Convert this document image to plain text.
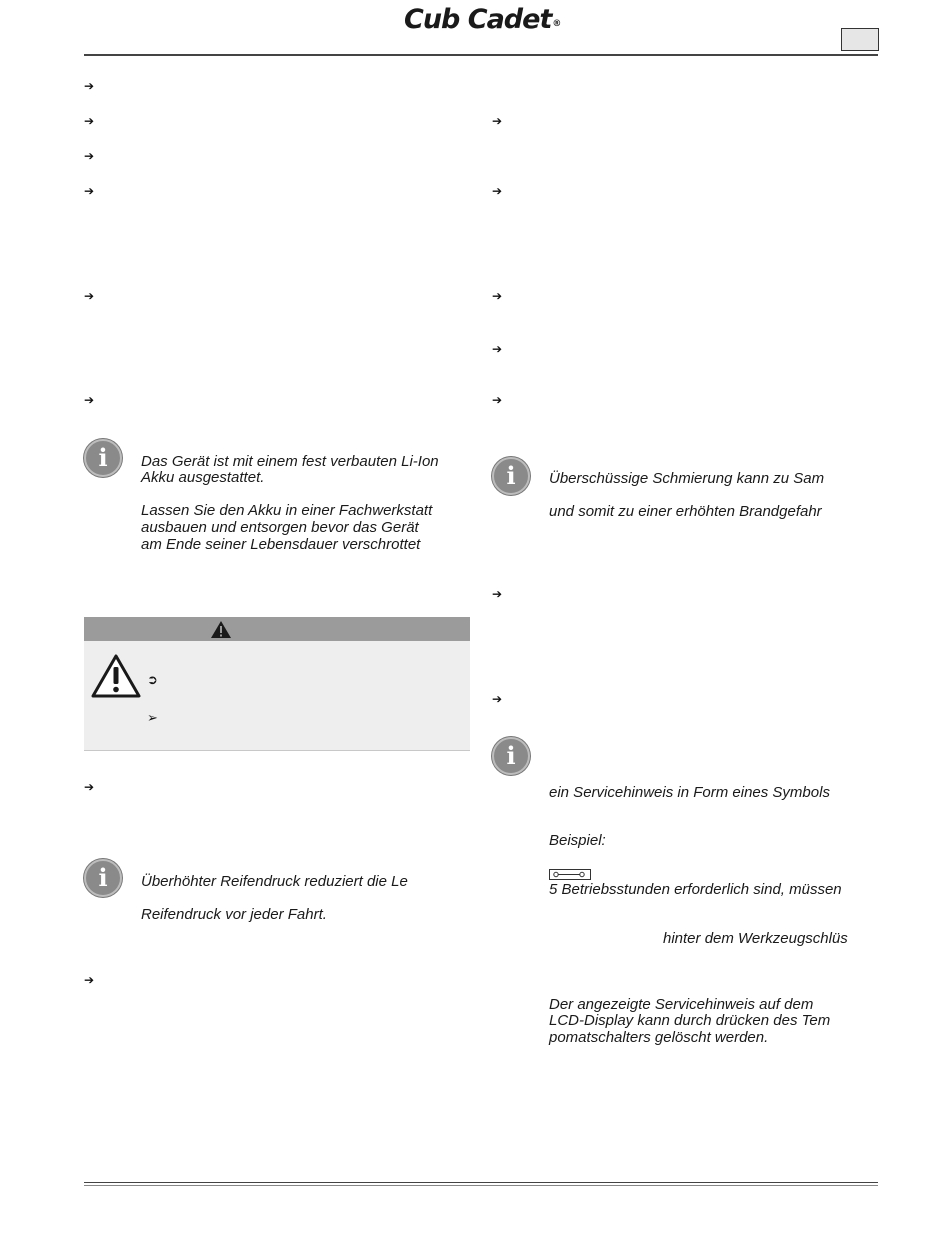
Cub Cadet®
➔
➔
➔
➔
➔
➔
i	Das Gerät ist mit einem fest verbauten Li-Ion
Akku ausgestattet.
Lassen Sie den Akku in einer Fachwerkstatt
ausbauen und entsorgen bevor das Gerät
am Ende seiner Lebensdauer verschrottet
➲
➢
➔
i	Überhöhter Reifendruck reduziert die Le
Reifendruck vor jeder Fahrt.
➔
➔
➔
➔
➔
➔
i	Überschüssige Schmierung kann zu Sam
und somit zu einer erhöhten Brandgefahr
➔
➔
i
ein Servicehinweis in Form eines Symbols
Beispiel:
5 Betriebsstunden erforderlich sind, müssen
hinter dem Werkzeugschlüs
Der angezeigte Servicehinweis auf dem
LCD-Display kann durch drücken des Tem
pomatschalters gelöscht werden.
